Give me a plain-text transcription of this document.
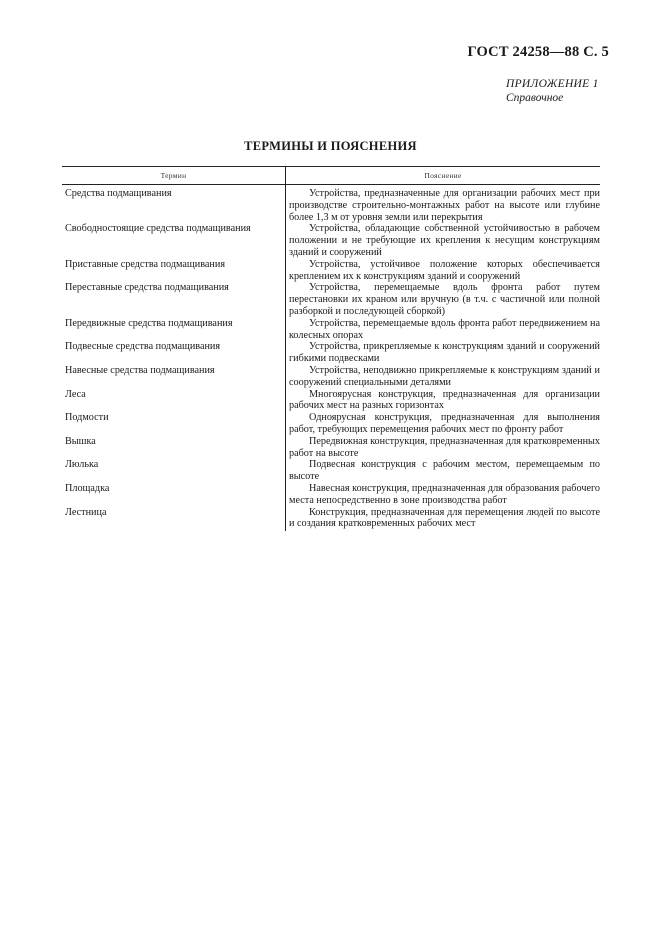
ГОСТ 24258—88 С. 5
ПРИЛОЖЕНИЕ 1
Справочное
ТЕРМИНЫ И ПОЯСНЕНИЯ
Термин	Пояснение
Средства подмащивания	Устройства, предназначенные для организации рабочих мест при производстве строительно-монтажных работ на высоте или глубине более 1,3 м от уровня земли или перекрытия
Свободностоящие средства подмащивания	Устройства, обладающие собственной устойчивостью в рабочем положении и не требующие их крепления к несущим конструкциям зданий и сооружений
Приставные средства подмащивания	Устройства, устойчивое положение которых обеспечивается креплением их к конструкциям зданий и сооружений
Переставные средства подмащивания	Устройства, перемещаемые вдоль фронта работ путем перестановки их краном или вручную (в т.ч. с частичной или полной разборкой и последующей сборкой)
Передвижные средства подмащивания	Устройства, перемещаемые вдоль фронта работ передвижением на колесных опорах
Подвесные средства подмащивания	Устройства, прикрепляемые к конструкциям зданий и сооружений гибкими подвесками
Навесные средства подмащивания	Устройства, неподвижно прикрепляемые к конструкциям зданий и сооружений специальными деталями
Леса	Многоярусная конструкция, предназначенная для организации рабочих мест на разных горизонтах
Подмости	Одноярусная конструкция, предназначенная для выполнения работ, требующих перемещения рабочих мест по фронту работ
Вышка	Передвижная конструкция, предназначенная для кратковременных работ на высоте
Люлька	Подвесная конструкция с рабочим местом, перемещаемым по высоте
Площадка	Навесная конструкция, предназначенная для образования рабочего места непосредственно в зоне производства работ
Лестница	Конструкция, предназначенная для перемещения людей по высоте и создания кратковременных рабочих мест
